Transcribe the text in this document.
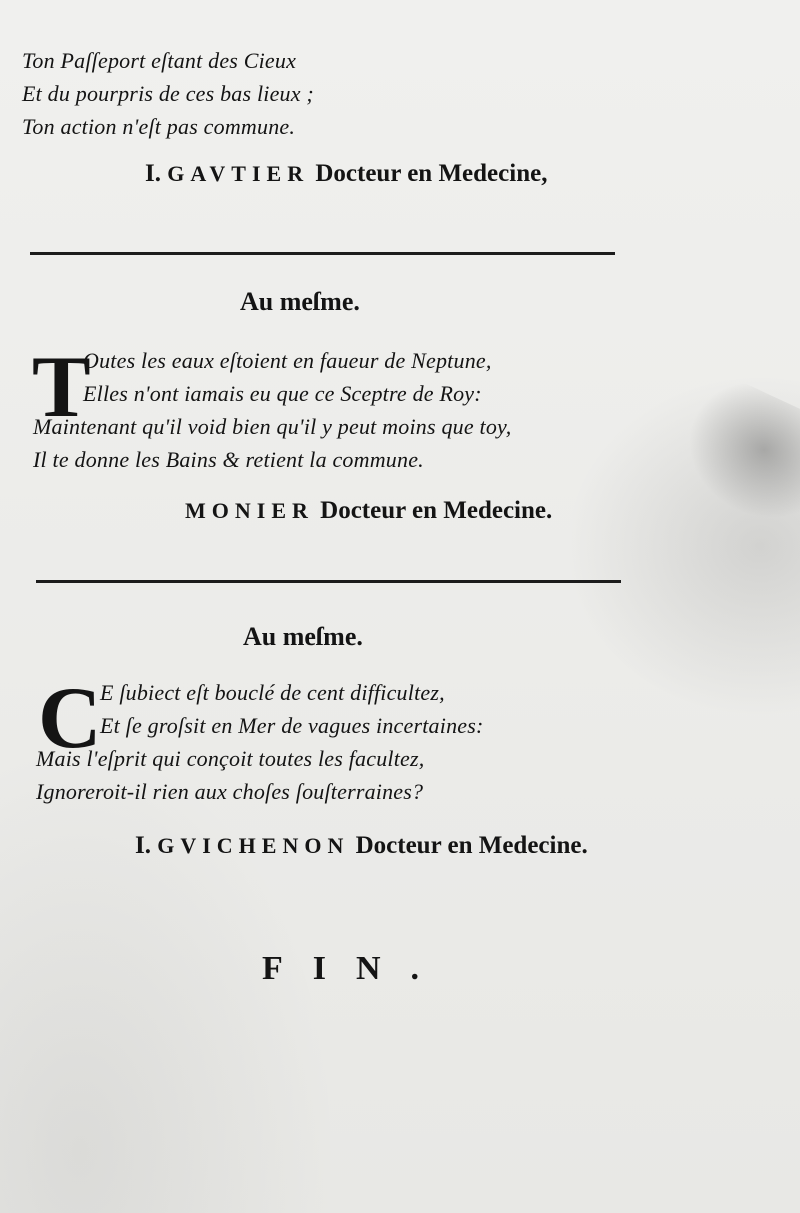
Ton Paſſeport eſtant des Cieux
Et du pourpris de ces bas lieux ;
Ton action n'eſt pas commune.
I. GAVTIER Docteur en Medecine,
Au meſme.
T
Outes les eaux eſtoient en faueur de Neptune,
Elles n'ont iamais eu que ce Sceptre de Roy:
Maintenant qu'il void bien qu'il y peut moins que toy,
Il te donne les Bains & retient la commune.
MONIER Docteur en Medecine.
Au meſme.
C
E ſubiect eſt bouclé de cent difficultez,
Et ſe groſsit en Mer de vagues incertaines:
Mais l'eſprit qui conçoit toutes les facultez,
Ignoreroit-il rien aux choſes ſouſterraines?
I. GVICHENON Docteur en Medecine.
FIN.
